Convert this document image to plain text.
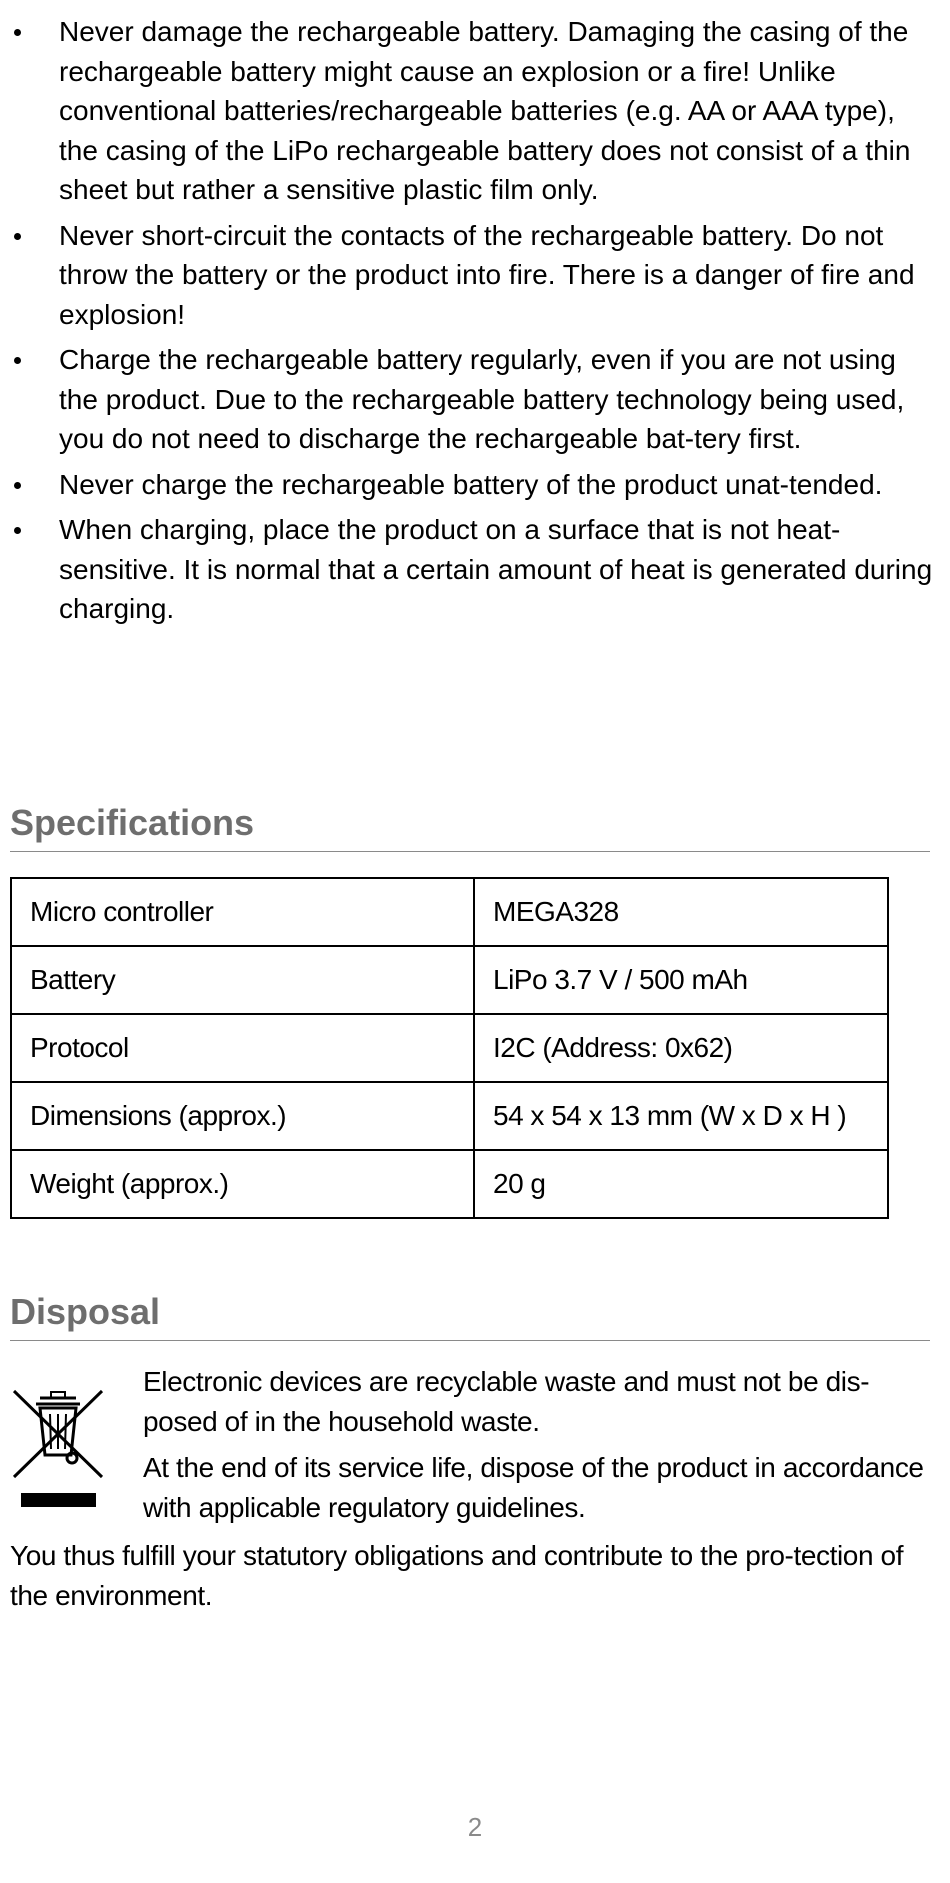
Never damage the rechargeable battery. Damaging the casing of the rechargeable battery might cause an explosion or a fire! Unlike conventional batteries/rechargeable batteries (e.g. AA or AAA type), the casing of the LiPo rechargeable battery does not consist of a thin sheet but rather a sensitive plastic film only.
Never short-circuit the contacts of the rechargeable battery. Do not throw the battery or the product into fire. There is a danger of fire and explosion!
Charge the rechargeable battery regularly, even if you are not using the product. Due to the rechargeable battery technology being used, you do not need to discharge the rechargeable bat-tery first.
Never charge the rechargeable battery of the product unat-tended.
When charging, place the product on a surface that is not heat-sensitive. It is normal that a certain amount of heat is generated during charging.
Specifications
Micro controller	MEGA328
Battery	LiPo 3.7 V / 500 mAh
Protocol	I2C (Address: 0x62)
Dimensions (approx.)	54 x 54 x 13 mm (W x D x H )
Weight (approx.)	20 g
Disposal

Electronic devices are recyclable waste and must not be dis-posed of in the household waste.

At the end of its service life, dispose of the product in accordance with applicable regulatory guidelines.

You thus fulfill your statutory obligations and contribute to the pro-tection of the environment.

2
